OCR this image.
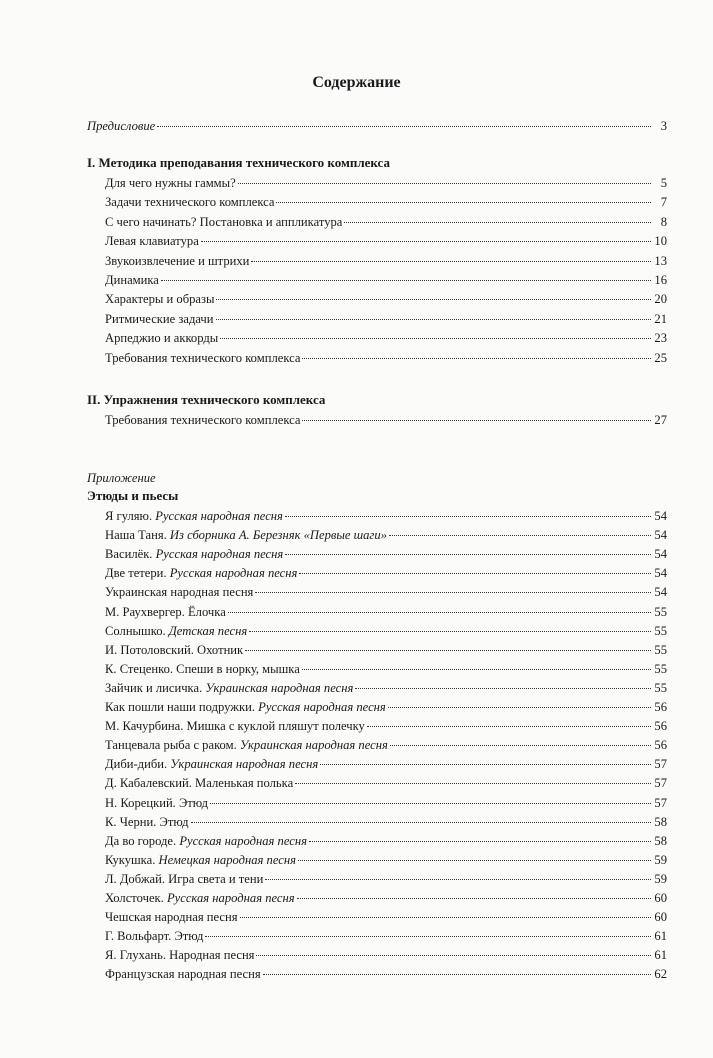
Содержание
Предисловие	3
I. Методика преподавания технического комплекса
Для чего нужны гаммы?	5
Задачи технического комплекса	7
С чего начинать? Постановка и аппликатура	8
Левая клавиатура	10
Звукоизвлечение и штрихи	13
Динамика	16
Характеры и образы	20
Ритмические задачи	21
Арпеджио и аккорды	23
Требования технического комплекса	25
II. Упражнения технического комплекса
Требования технического комплекса	27
Приложение
Этюды и пьесы
Я гуляю. Русская народная песня	54
Наша Таня. Из сборника А. Березняк «Первые шаги»	54
Василёк. Русская народная песня	54
Две тетери. Русская народная песня	54
Украинская народная песня	54
М. Раухвергер. Ёлочка	55
Солнышко. Детская песня	55
И. Потоловский. Охотник	55
К. Стеценко. Спеши в норку, мышка	55
Зайчик и лисичка. Украинская народная песня	55
Как пошли наши подружки. Русская народная песня	56
М. Качурбина. Мишка с куклой пляшут полечку	56
Танцевала рыба с раком. Украинская народная песня	56
Диби-диби. Украинская народная песня	57
Д. Кабалевский. Маленькая полька	57
Н. Корецкий. Этюд	57
К. Черни. Этюд	58
Да во городе. Русская народная песня	58
Кукушка. Немецкая народная песня	59
Л. Добжай. Игра света и тени	59
Холсточек. Русская народная песня	60
Чешская народная песня	60
Г. Вольфарт. Этюд	61
Я. Глухань. Народная песня	61
Французская народная песня	62
